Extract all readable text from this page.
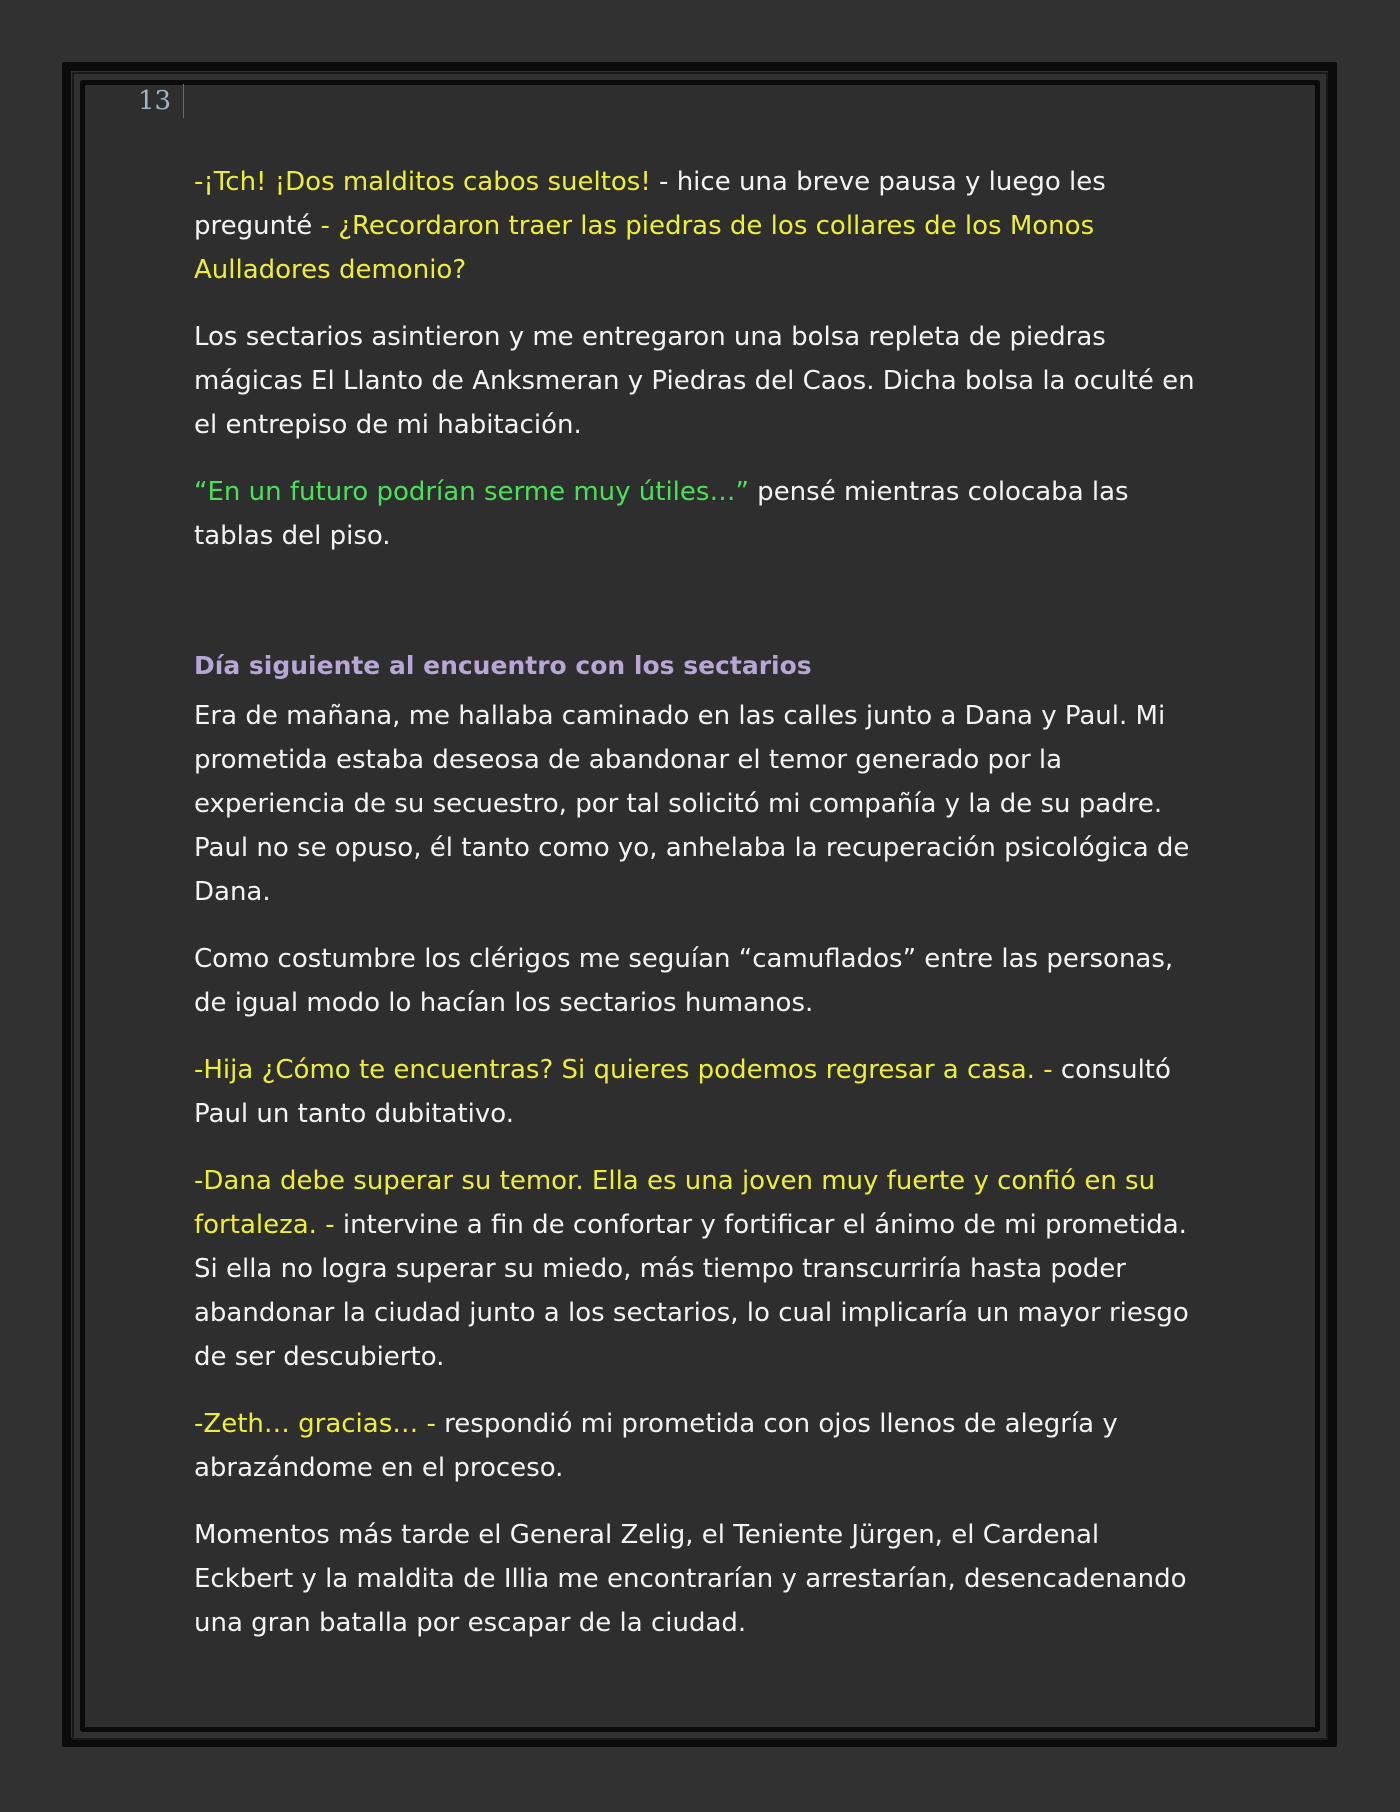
13

-¡Tch! ¡Dos malditos cabos sueltos! - hice una breve pausa y luego les pregunté - ¿Recordaron traer las piedras de los collares de los Monos Aulladores demonio?

Los sectarios asintieron y me entregaron una bolsa repleta de piedras mágicas El Llanto de Anksmeran y Piedras del Caos. Dicha bolsa la oculté en el entrepiso de mi habitación.

“En un futuro podrían serme muy útiles…” pensé mientras colocaba las tablas del piso.

Día siguiente al encuentro con los sectarios

Era de mañana, me hallaba caminado en las calles junto a Dana y Paul. Mi prometida estaba deseosa de abandonar el temor generado por la experiencia de su secuestro, por tal solicitó mi compañía y la de su padre. Paul no se opuso, él tanto como yo, anhelaba la recuperación psicológica de Dana.

Como costumbre los clérigos me seguían “camuflados” entre las personas, de igual modo lo hacían los sectarios humanos.

-Hija ¿Cómo te encuentras? Si quieres podemos regresar a casa. - consultó Paul un tanto dubitativo.

-Dana debe superar su temor. Ella es una joven muy fuerte y confió en su fortaleza. - intervine a fin de confortar y fortificar el ánimo de mi prometida. Si ella no logra superar su miedo, más tiempo transcurriría hasta poder abandonar la ciudad junto a los sectarios, lo cual implicaría un mayor riesgo de ser descubierto.

-Zeth… gracias… - respondió mi prometida con ojos llenos de alegría y abrazándome en el proceso.

Momentos más tarde el General Zelig, el Teniente Jürgen, el Cardenal Eckbert y la maldita de Illia me encontrarían y arrestarían, desencadenando una gran batalla por escapar de la ciudad.
